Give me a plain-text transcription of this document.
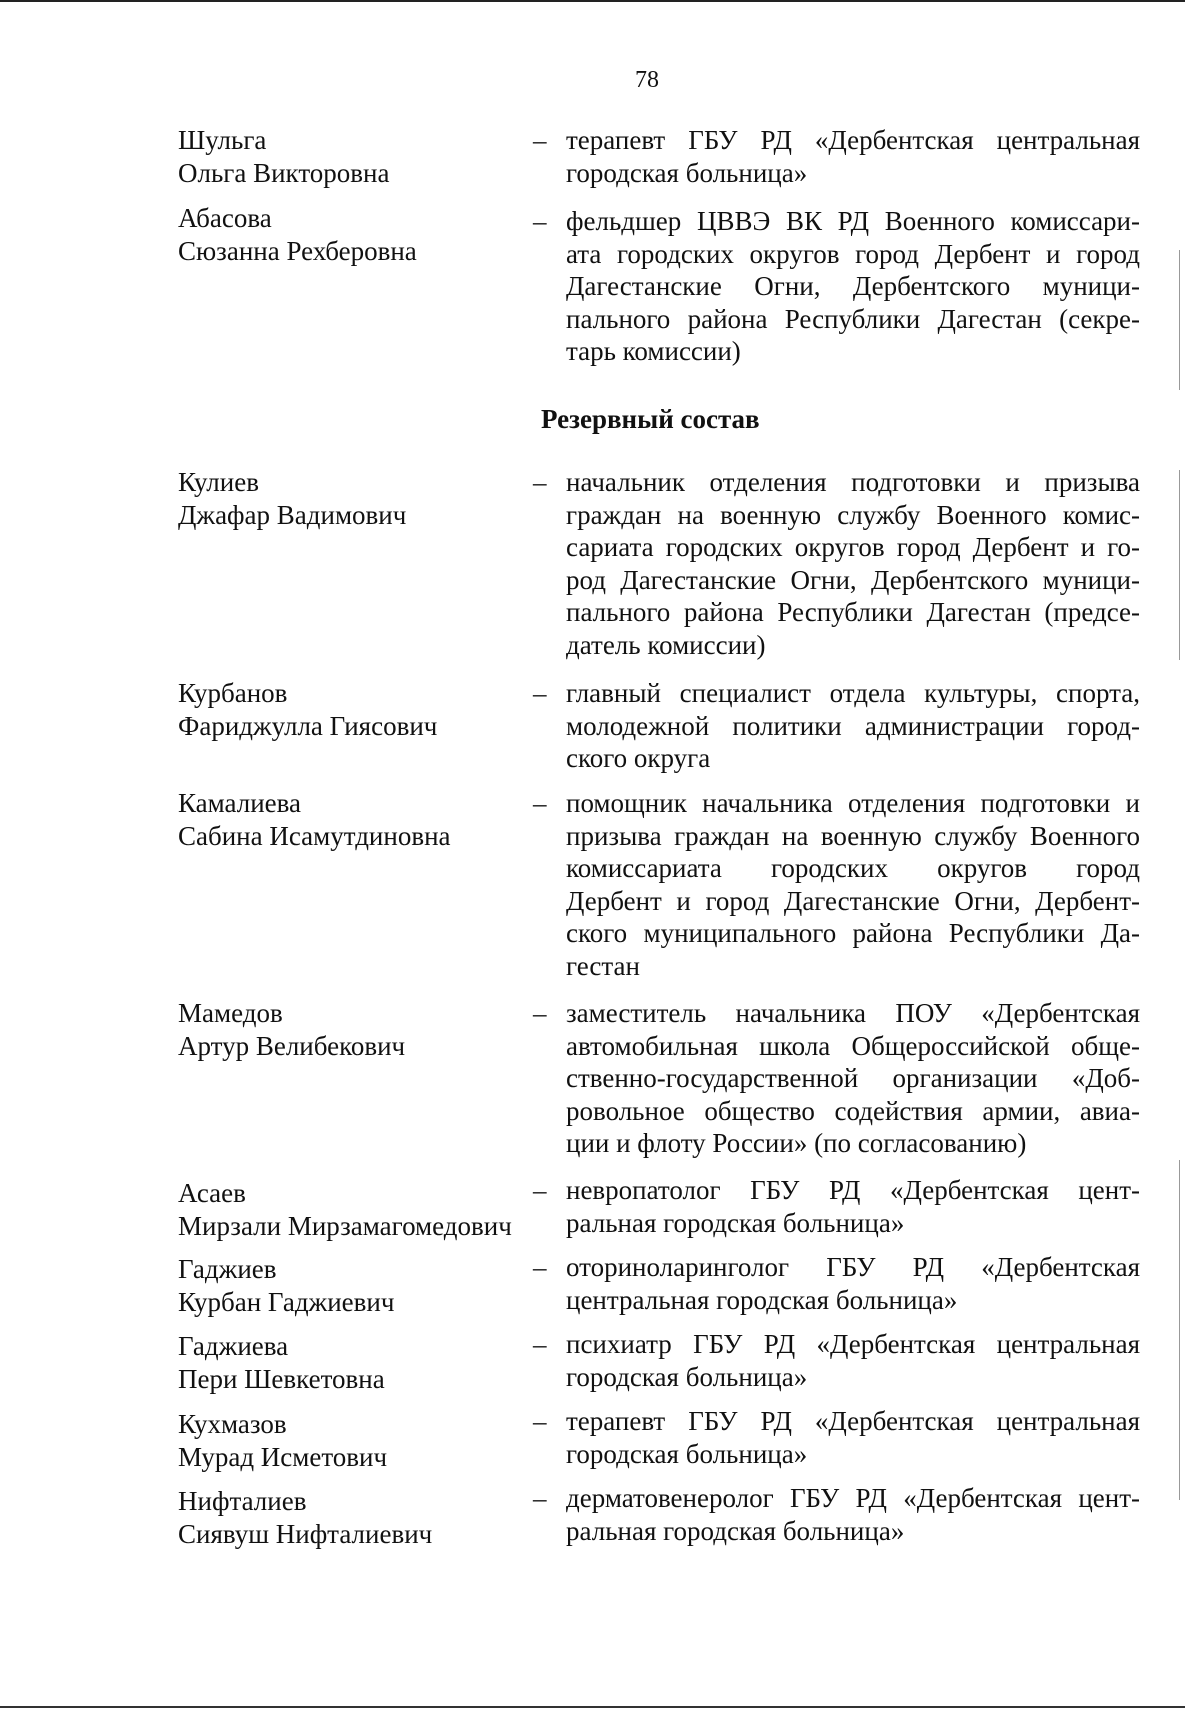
78
Шульга
Ольга Викторовна
– терапевт ГБУ РД «Дербентская центральная
городская больница»
Абасова
Сюзанна Рехберовна
– фельдшер ЦВВЭ ВК РД Военного комиссари-
ата городских округов город Дербент и город
Дагестанские Огни, Дербентского муници-
пального района Республики Дагестан (секре-
тарь комиссии)
Резервный состав
Кулиев
Джафар Вадимович
– начальник отделения подготовки и призыва
граждан на военную службу Военного комис-
сариата городских округов город Дербент и го-
род Дагестанские Огни, Дербентского муници-
пального района Республики Дагестан (предсе-
датель комиссии)
Курбанов
Фариджулла Гиясович
– главный специалист отдела культуры, спорта,
молодежной политики администрации город-
ского округа
Камалиева
Сабина Исамутдиновна
– помощник начальника отделения подготовки и
призыва граждан на военную службу Военного
комиссариата городских округов город
Дербент и город Дагестанские Огни, Дербент-
ского муниципального района Республики Да-
гестан
Мамедов
Артур Велибекович
– заместитель начальника ПОУ «Дербентская
автомобильная школа Общероссийской обще-
ственно-государственной организации «Доб-
ровольное общество содействия армии, авиа-
ции и флоту России» (по согласованию)
Асаев
Мирзали Мирзамагомедович
– невропатолог ГБУ РД «Дербентская цент-
ральная городская больница»
Гаджиев
Курбан Гаджиевич
– оториноларинголог ГБУ РД «Дербентская
центральная городская больница»
Гаджиева
Пери Шевкетовна
– психиатр ГБУ РД «Дербентская центральная
городская больница»
Кухмазов
Мурад Исметович
– терапевт ГБУ РД «Дербентская центральная
городская больница»
Нифталиев
Сиявуш Нифталиевич
– дерматовенеролог ГБУ РД «Дербентская цент-
ральная городская больница»
